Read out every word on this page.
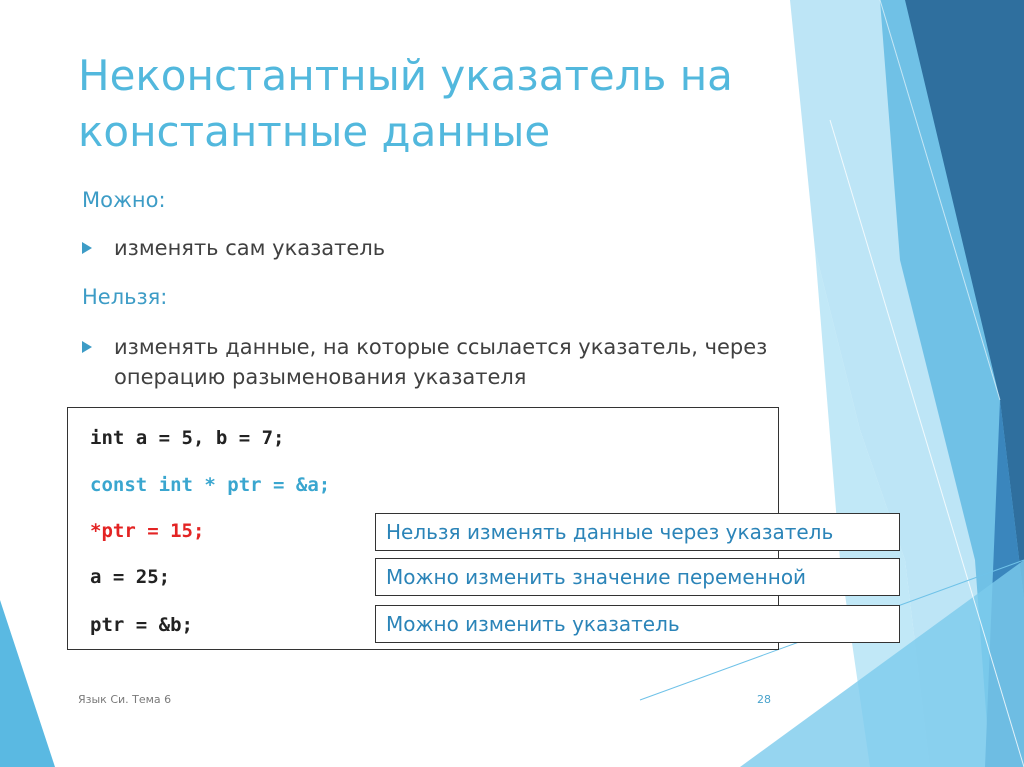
Неконстантный указатель на константные данные
Можно:
изменять сам указатель
Нельзя:
изменять данные, на которые ссылается указатель, через операцию разыменования указателя
int a = 5, b = 7;
const int * ptr = &a;
*ptr = 15;
a = 25;
ptr = &b;
Нельзя изменять данные через указатель
Можно изменить значение переменной
Можно изменить указатель
Язык Си. Тема 6	28
